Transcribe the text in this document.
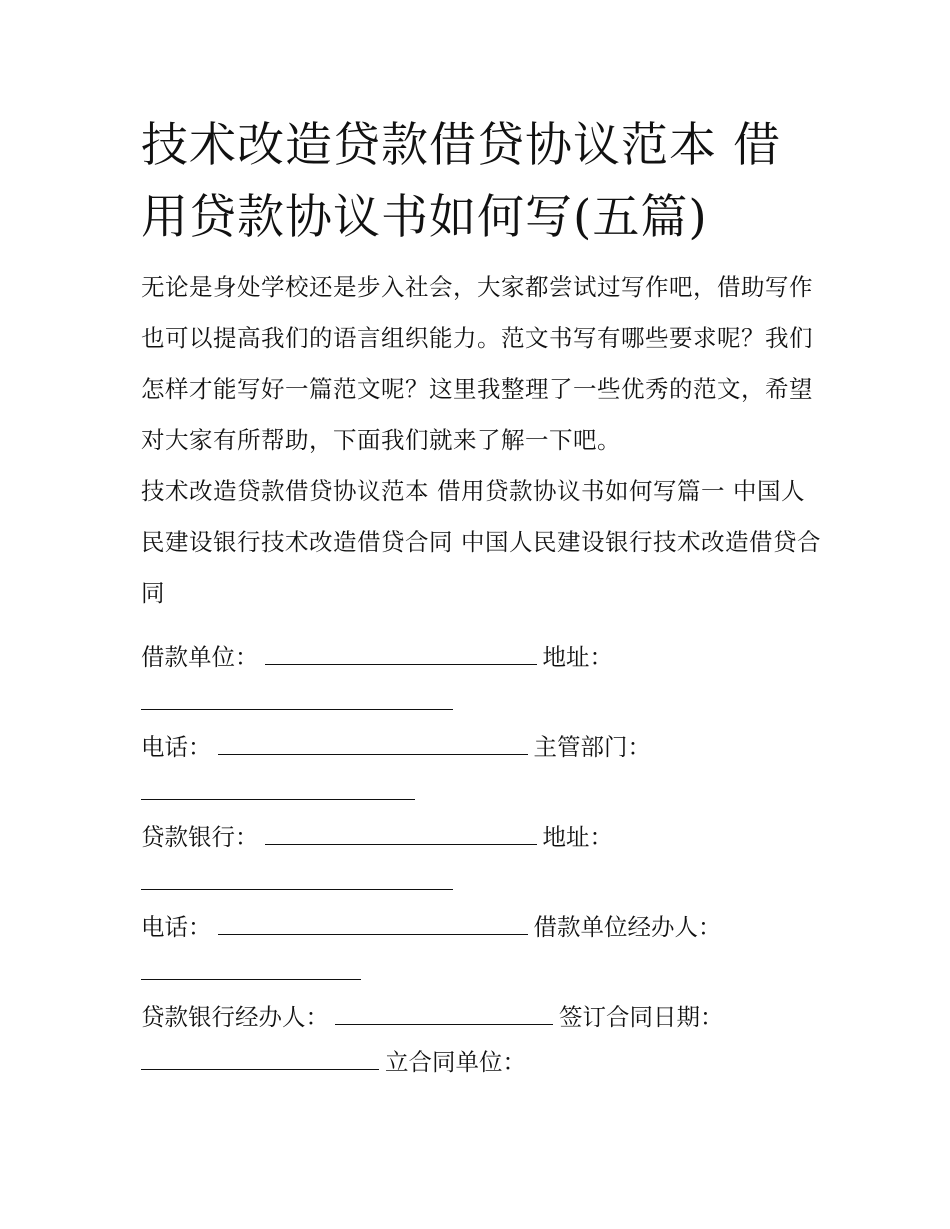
技术改造贷款借贷协议范本 借用贷款协议书如何写(五篇)

无论是身处学校还是步入社会，大家都尝试过写作吧，借助写作也可以提高我们的语言组织能力。范文书写有哪些要求呢？我们怎样才能写好一篇范文呢？这里我整理了一些优秀的范文，希望对大家有所帮助，下面我们就来了解一下吧。

技术改造贷款借贷协议范本 借用贷款协议书如何写篇一 中国人民建设银行技术改造借贷合同 中国人民建设银行技术改造借贷合同

借款单位：	地址：

电话：	主管部门：

贷款银行：	地址：

电话：	借款单位经办人：

贷款银行经办人：	签订合同日期：

立合同单位：
